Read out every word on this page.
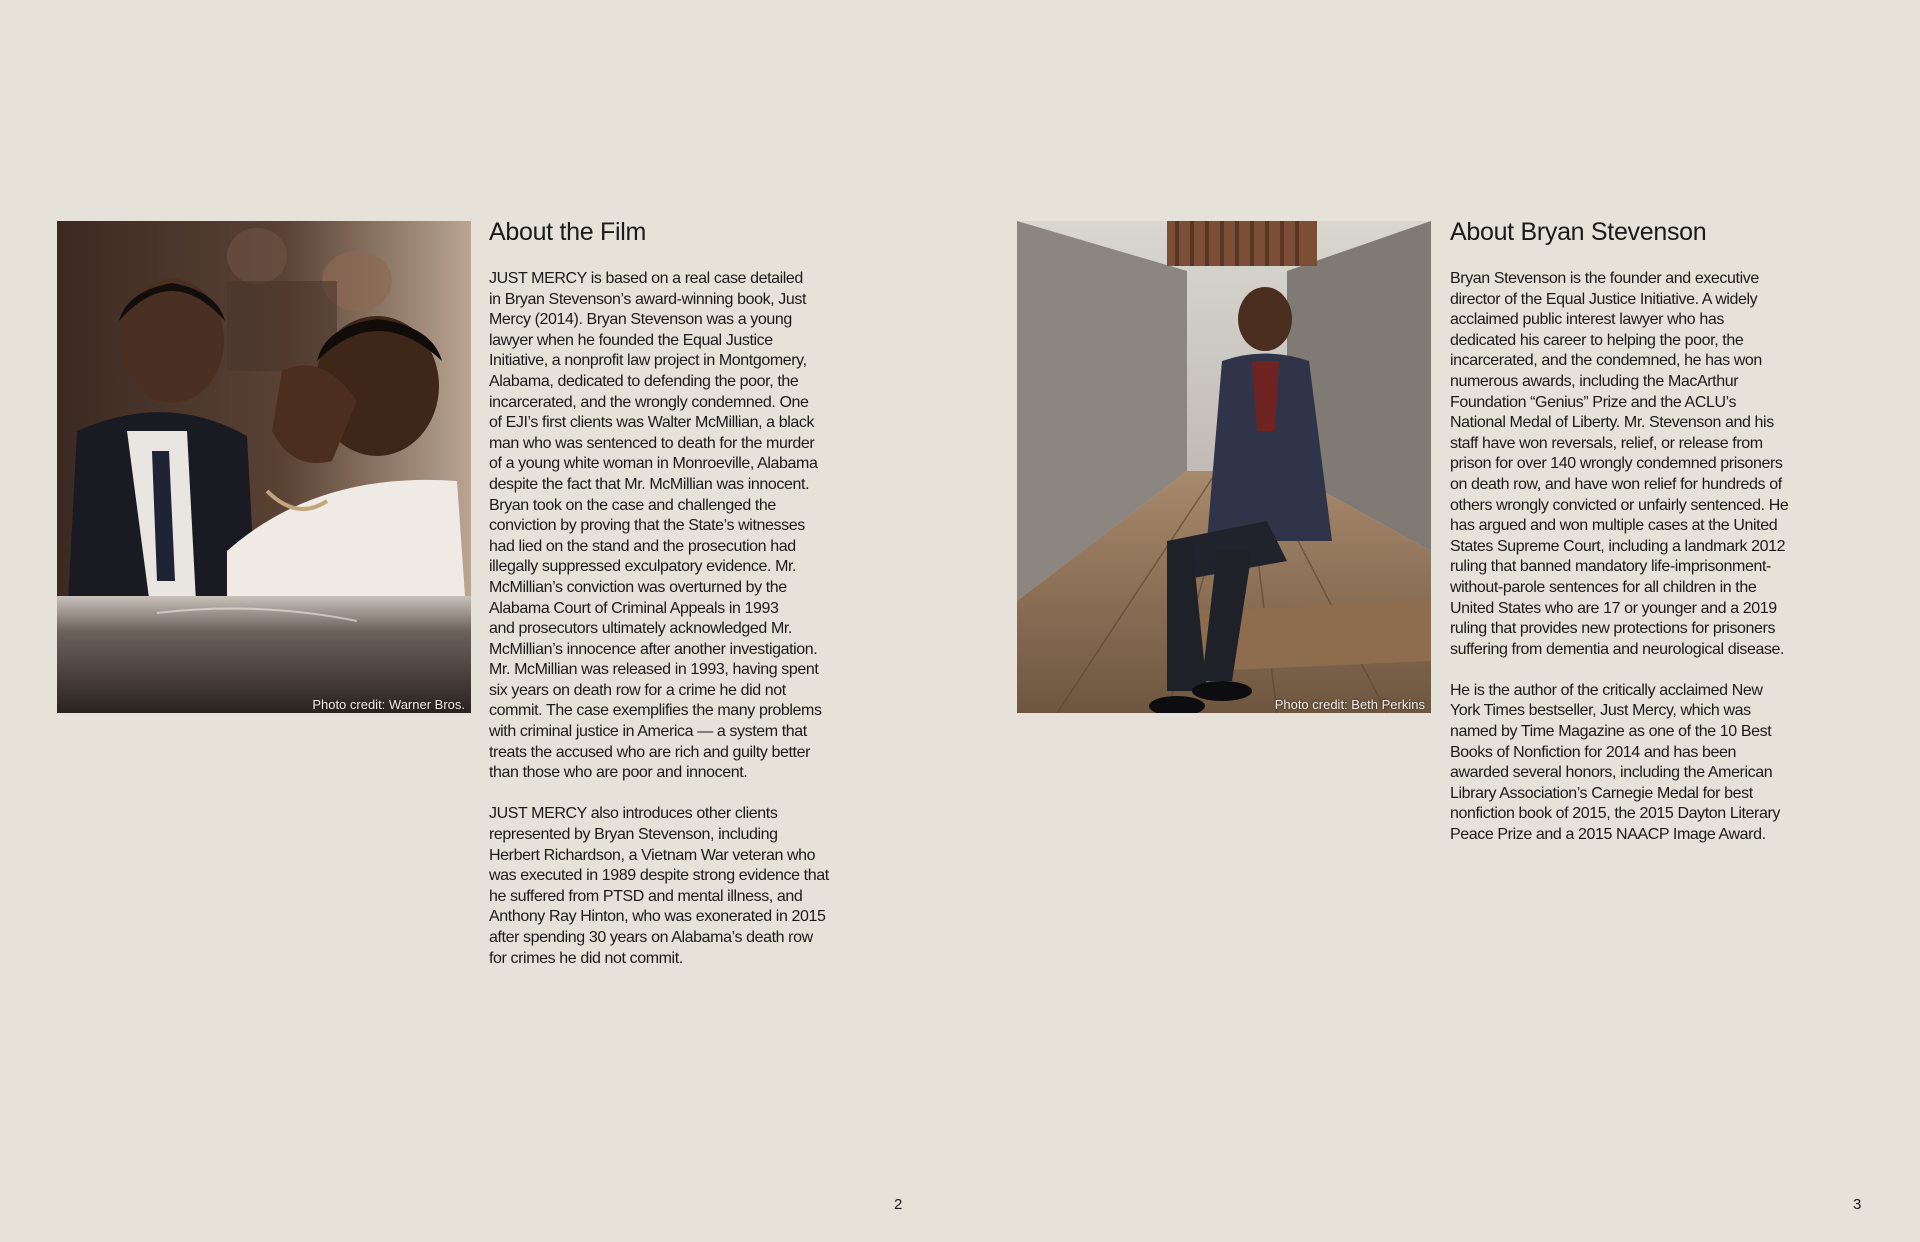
Photo credit: Warner Bros.	Photo credit: Beth Perkins
About the Film

JUST MERCY is based on a real case detailed
in Bryan Stevenson’s award-winning book, Just
Mercy (2014). Bryan Stevenson was a young
lawyer when he founded the Equal Justice
Initiative, a nonprofit law project in Montgomery,
Alabama, dedicated to defending the poor, the
incarcerated, and the wrongly condemned. One
of EJI’s first clients was Walter McMillian, a black
man who was sentenced to death for the murder
of a young white woman in Monroeville, Alabama
despite the fact that Mr. McMillian was innocent.
Bryan took on the case and challenged the
conviction by proving that the State’s witnesses
had lied on the stand and the prosecution had
illegally suppressed exculpatory evidence. Mr.
McMillian’s conviction was overturned by the
Alabama Court of Criminal Appeals in 1993
and prosecutors ultimately acknowledged Mr.
McMillian’s innocence after another investigation.
Mr. McMillian was released in 1993, having spent
six years on death row for a crime he did not
commit. The case exemplifies the many problems
with criminal justice in America — a system that
treats the accused who are rich and guilty better
than those who are poor and innocent.

JUST MERCY also introduces other clients
represented by Bryan Stevenson, including
Herbert Richardson, a Vietnam War veteran who
was executed in 1989 despite strong evidence that
he suffered from PTSD and mental illness, and
Anthony Ray Hinton, who was exonerated in 2015
after spending 30 years on Alabama’s death row
for crimes he did not commit.

About Bryan Stevenson

Bryan Stevenson is the founder and executive
director of the Equal Justice Initiative. A widely
acclaimed public interest lawyer who has
dedicated his career to helping the poor, the
incarcerated, and the condemned, he has won
numerous awards, including the MacArthur
Foundation “Genius” Prize and the ACLU’s
National Medal of Liberty. Mr. Stevenson and his
staff have won reversals, relief, or release from
prison for over 140 wrongly condemned prisoners
on death row, and have won relief for hundreds of
others wrongly convicted or unfairly sentenced. He
has argued and won multiple cases at the United
States Supreme Court, including a landmark 2012
ruling that banned mandatory life-imprisonment-
without-parole sentences for all children in the
United States who are 17 or younger and a 2019
ruling that provides new protections for prisoners
suffering from dementia and neurological disease.

He is the author of the critically acclaimed New
York Times bestseller, Just Mercy, which was
named by Time Magazine as one of the 10 Best
Books of Nonfiction for 2014 and has been
awarded several honors, including the American
Library Association’s Carnegie Medal for best
nonfiction book of 2015, the 2015 Dayton Literary
Peace Prize and a 2015 NAACP Image Award.

2	3
